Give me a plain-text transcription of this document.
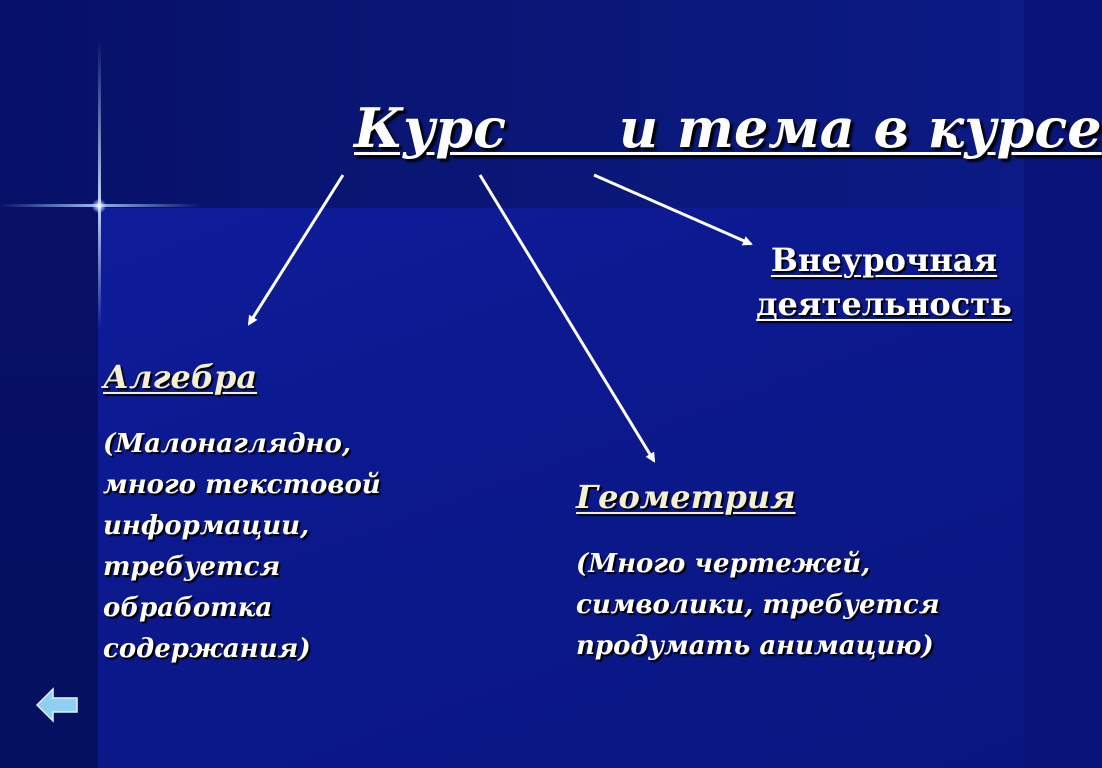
Курс      и тема в курсе
Внеурочная
деятельность
Алгебра
(Малонаглядно,
много текстовой
информации,
требуется
обработка
содержания)
Геометрия
(Много чертежей,
символики, требуется
продумать анимацию)
